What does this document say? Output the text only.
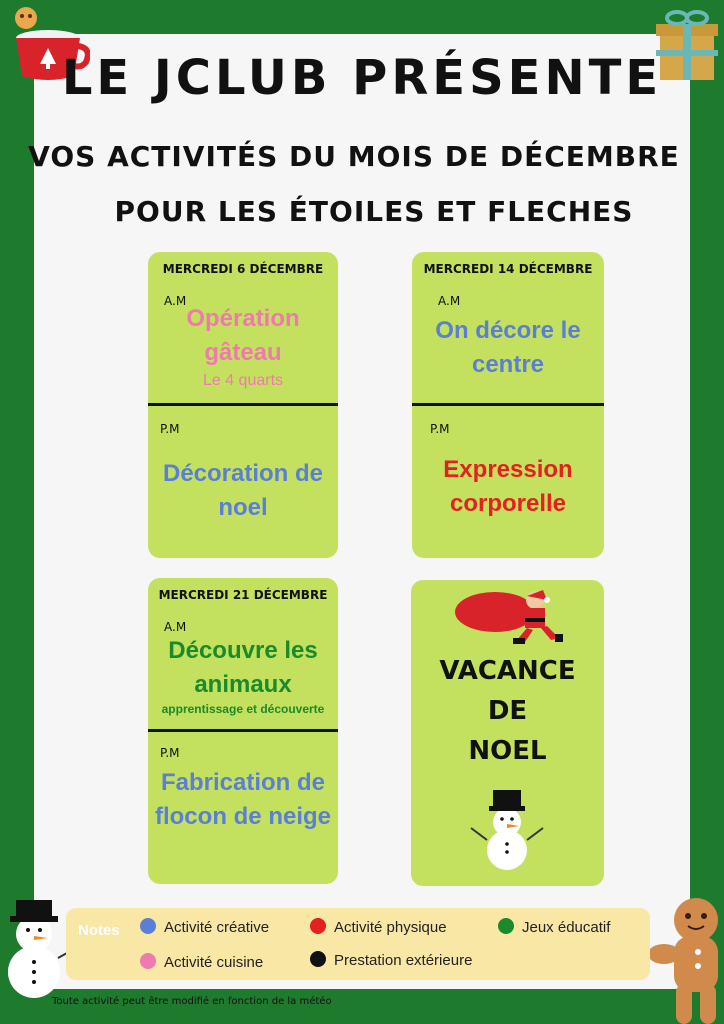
LE JCLUB PRÉSENTE
VOS ACTIVITÉS DU MOIS DE DÉCEMBRE
POUR LES ÉTOILES ET FLECHES
MERCREDI 6 DÉCEMBRE
A.M
Opération gâteau
Le 4 quarts
P.M
Décoration de noel
MERCREDI 14 DÉCEMBRE
A.M
On décore le centre
P.M
Expression corporelle
MERCREDI 21 DÉCEMBRE
A.M
Découvre les animaux
apprentissage et découverte
P.M
Fabrication de flocon de neige
VACANCE
DE
NOEL
Notes	Activité créative	Activité physique	Jeux éducatif
Activité cuisine	Prestation extérieure
Toute activité peut être modifié en fonction de la météo
